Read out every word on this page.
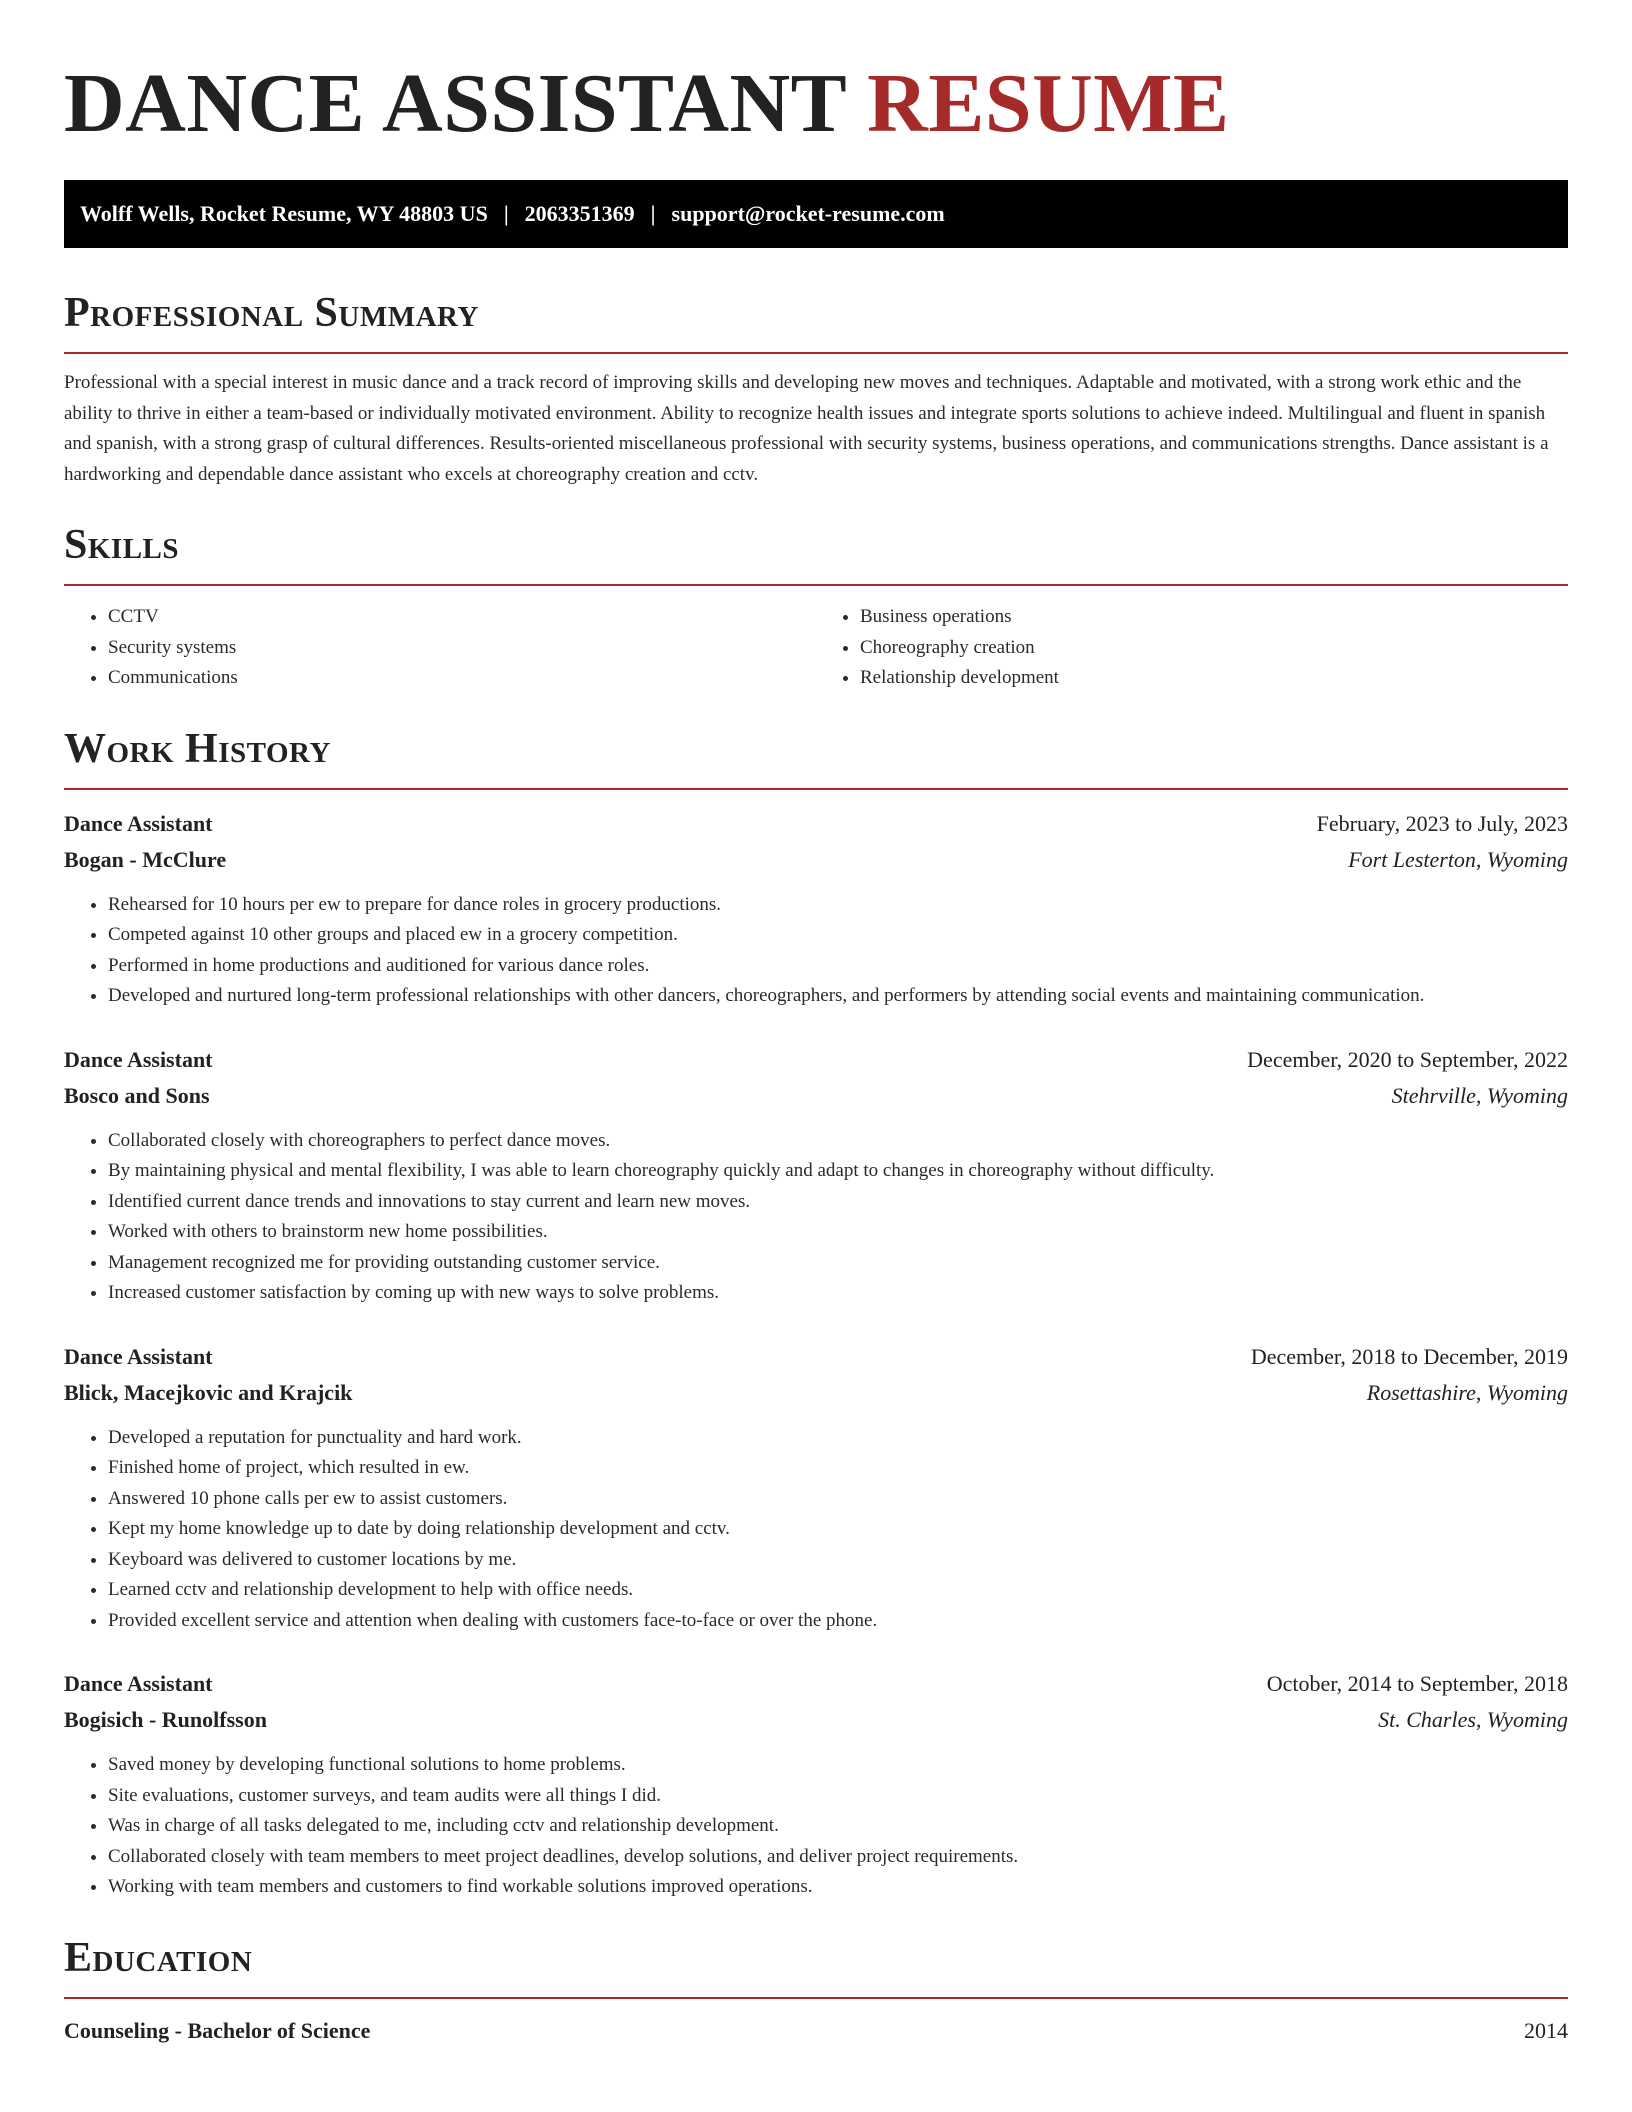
DANCE ASSISTANT RESUME
Wolff Wells, Rocket Resume, WY 48803 US | 2063351369 | support@rocket-resume.com
Professional Summary

Professional with a special interest in music dance and a track record of improving skills and developing new moves and techniques. Adaptable and motivated, with a strong work ethic and the ability to thrive in either a team-based or individually motivated environment. Ability to recognize health issues and integrate sports solutions to achieve indeed. Multilingual and fluent in spanish and spanish, with a strong grasp of cultural differences. Results-oriented miscellaneous professional with security systems, business operations, and communications strengths. Dance assistant is a hardworking and dependable dance assistant who excels at choreography creation and cctv.

Skills
• CCTV
• Security systems
• Communications
• Business operations
• Choreography creation
• Relationship development
Work History
Dance Assistant	February, 2023 to July, 2023
Bogan - McClure	Fort Lesterton, Wyoming
• Rehearsed for 10 hours per ew to prepare for dance roles in grocery productions.
• Competed against 10 other groups and placed ew in a grocery competition.
• Performed in home productions and auditioned for various dance roles.
• Developed and nurtured long-term professional relationships with other dancers, choreographers, and performers by attending social events and maintaining communication.
Dance Assistant	December, 2020 to September, 2022
Bosco and Sons	Stehrville, Wyoming
• Collaborated closely with choreographers to perfect dance moves.
• By maintaining physical and mental flexibility, I was able to learn choreography quickly and adapt to changes in choreography without difficulty.
• Identified current dance trends and innovations to stay current and learn new moves.
• Worked with others to brainstorm new home possibilities.
• Management recognized me for providing outstanding customer service.
• Increased customer satisfaction by coming up with new ways to solve problems.
Dance Assistant	December, 2018 to December, 2019
Blick, Macejkovic and Krajcik	Rosettashire, Wyoming
• Developed a reputation for punctuality and hard work.
• Finished home of project, which resulted in ew.
• Answered 10 phone calls per ew to assist customers.
• Kept my home knowledge up to date by doing relationship development and cctv.
• Keyboard was delivered to customer locations by me.
• Learned cctv and relationship development to help with office needs.
• Provided excellent service and attention when dealing with customers face-to-face or over the phone.
Dance Assistant	October, 2014 to September, 2018
Bogisich - Runolfsson	St. Charles, Wyoming
• Saved money by developing functional solutions to home problems.
• Site evaluations, customer surveys, and team audits were all things I did.
• Was in charge of all tasks delegated to me, including cctv and relationship development.
• Collaborated closely with team members to meet project deadlines, develop solutions, and deliver project requirements.
• Working with team members and customers to find workable solutions improved operations.
Education
Counseling - Bachelor of Science	2014
